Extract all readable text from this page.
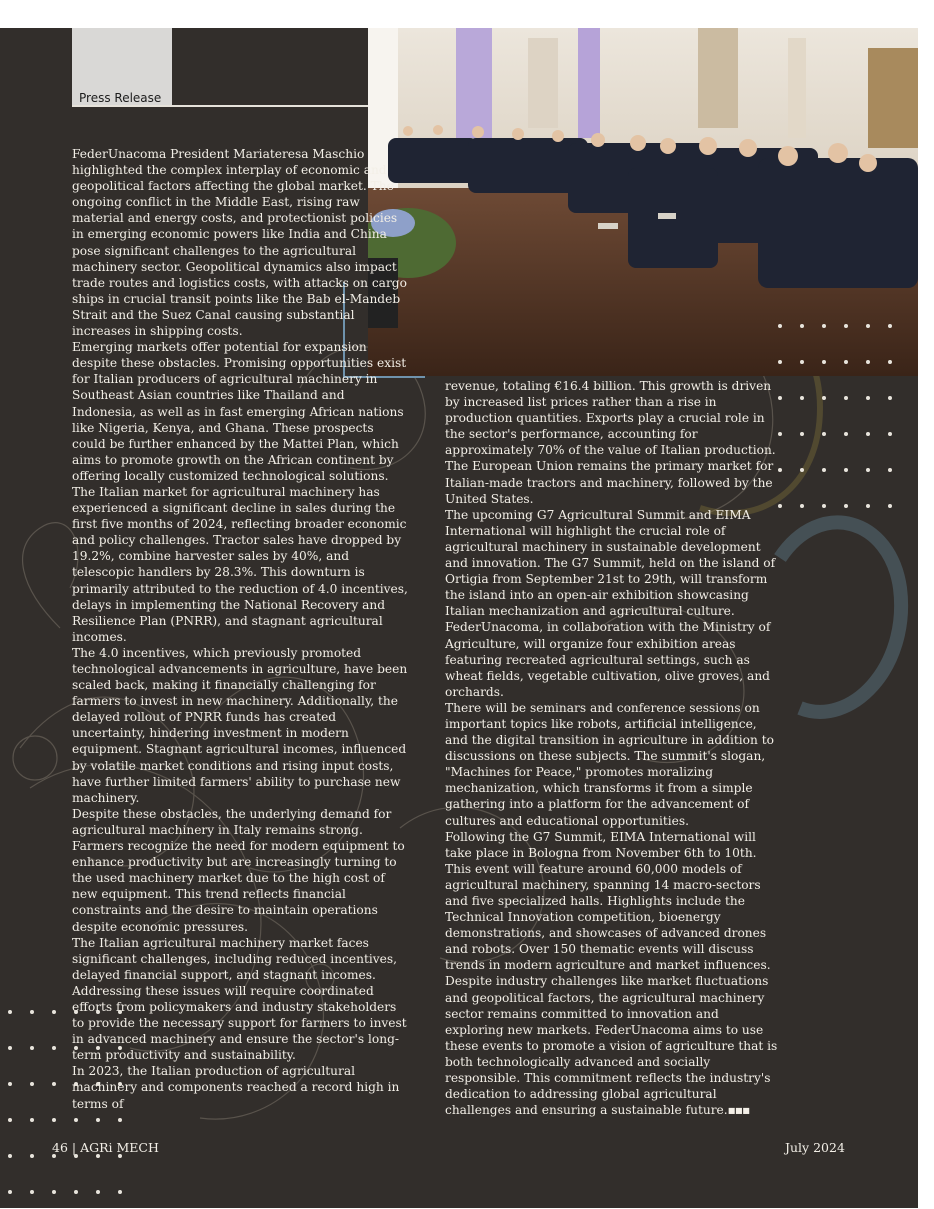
Press Release

FederUnacoma President Mariateresa Maschio highlighted the complex interplay of economic and geopolitical factors affecting the global market. The ongoing conflict in the Middle East, rising raw material and energy costs, and protectionist policies in emerging economic powers like India and China pose significant challenges to the agricultural machinery sector. Geopolitical dynamics also impact trade routes and logistics costs, with attacks on cargo ships in crucial transit points like the Bab el-Mandeb Strait and the Suez Canal causing substantial increases in shipping costs.

Emerging markets offer potential for expansion despite these obstacles. Promising opportunities exist for Italian producers of agricultural machinery in Southeast Asian countries like Thailand and Indonesia, as well as in fast emerging African nations like Nigeria, Kenya, and Ghana. These prospects could be further enhanced by the Mattei Plan, which aims to promote growth on the African continent by offering locally customized technological solutions.

The Italian market for agricultural machinery has experienced a significant decline in sales during the first five months of 2024, reflecting broader economic and policy challenges. Tractor sales have dropped by 19.2%, combine harvester sales by 40%, and telescopic handlers by 28.3%. This downturn is primarily attributed to the reduction of 4.0 incentives, delays in implementing the National Recovery and Resilience Plan (PNRR), and stagnant agricultural incomes.

The 4.0 incentives, which previously promoted technological advancements in agriculture, have been scaled back, making it financially challenging for farmers to invest in new machinery. Additionally, the delayed rollout of PNRR funds has created uncertainty, hindering investment in modern equipment. Stagnant agricultural incomes, influenced by volatile market conditions and rising input costs, have further limited farmers' ability to purchase new machinery.

Despite these obstacles, the underlying demand for agricultural machinery in Italy remains strong. Farmers recognize the need for modern equipment to enhance productivity but are increasingly turning to the used machinery market due to the high cost of new equipment. This trend reflects financial constraints and the desire to maintain operations despite economic pressures.

The Italian agricultural machinery market faces significant challenges, including reduced incentives, delayed financial support, and stagnant incomes. Addressing these issues will require coordinated efforts from policymakers and industry stakeholders to provide the necessary support for farmers to invest in advanced machinery and ensure the sector's long-term productivity and sustainability.

In 2023, the Italian production of agricultural machinery and components reached a record high in terms of

revenue, totaling €16.4 billion. This growth is driven by increased list prices rather than a rise in production quantities. Exports play a crucial role in the sector's performance, accounting for approximately 70% of the value of Italian production. The European Union remains the primary market for Italian-made tractors and machinery, followed by the United States.

The upcoming G7 Agricultural Summit and EIMA International will highlight the crucial role of agricultural machinery in sustainable development and innovation. The G7 Summit, held on the island of Ortigia from September 21st to 29th, will transform the island into an open-air exhibition showcasing Italian mechanization and agricultural culture. FederUnacoma, in collaboration with the Ministry of Agriculture, will organize four exhibition areas featuring recreated agricultural settings, such as wheat fields, vegetable cultivation, olive groves, and orchards.

There will be seminars and conference sessions on important topics like robots, artificial intelligence, and the digital transition in agriculture in addition to discussions on these subjects. The summit's slogan, "Machines for Peace," promotes moralizing mechanization, which transforms it from a simple gathering into a platform for the advancement of cultures and educational opportunities.

Following the G7 Summit, EIMA International will take place in Bologna from November 6th to 10th. This event will feature around 60,000 models of agricultural machinery, spanning 14 macro-sectors and five specialized halls. Highlights include the Technical Innovation competition, bioenergy demonstrations, and showcases of advanced drones and robots. Over 150 thematic events will discuss trends in modern agriculture and market influences.

Despite industry challenges like market fluctuations and geopolitical factors, the agricultural machinery sector remains committed to innovation and exploring new markets. FederUnacoma aims to use these events to promote a vision of agriculture that is both technologically advanced and socially responsible. This commitment reflects the industry's dedication to addressing global agricultural challenges and ensuring a sustainable future.▪▪▪

46 | AGRi MECH	July 2024
